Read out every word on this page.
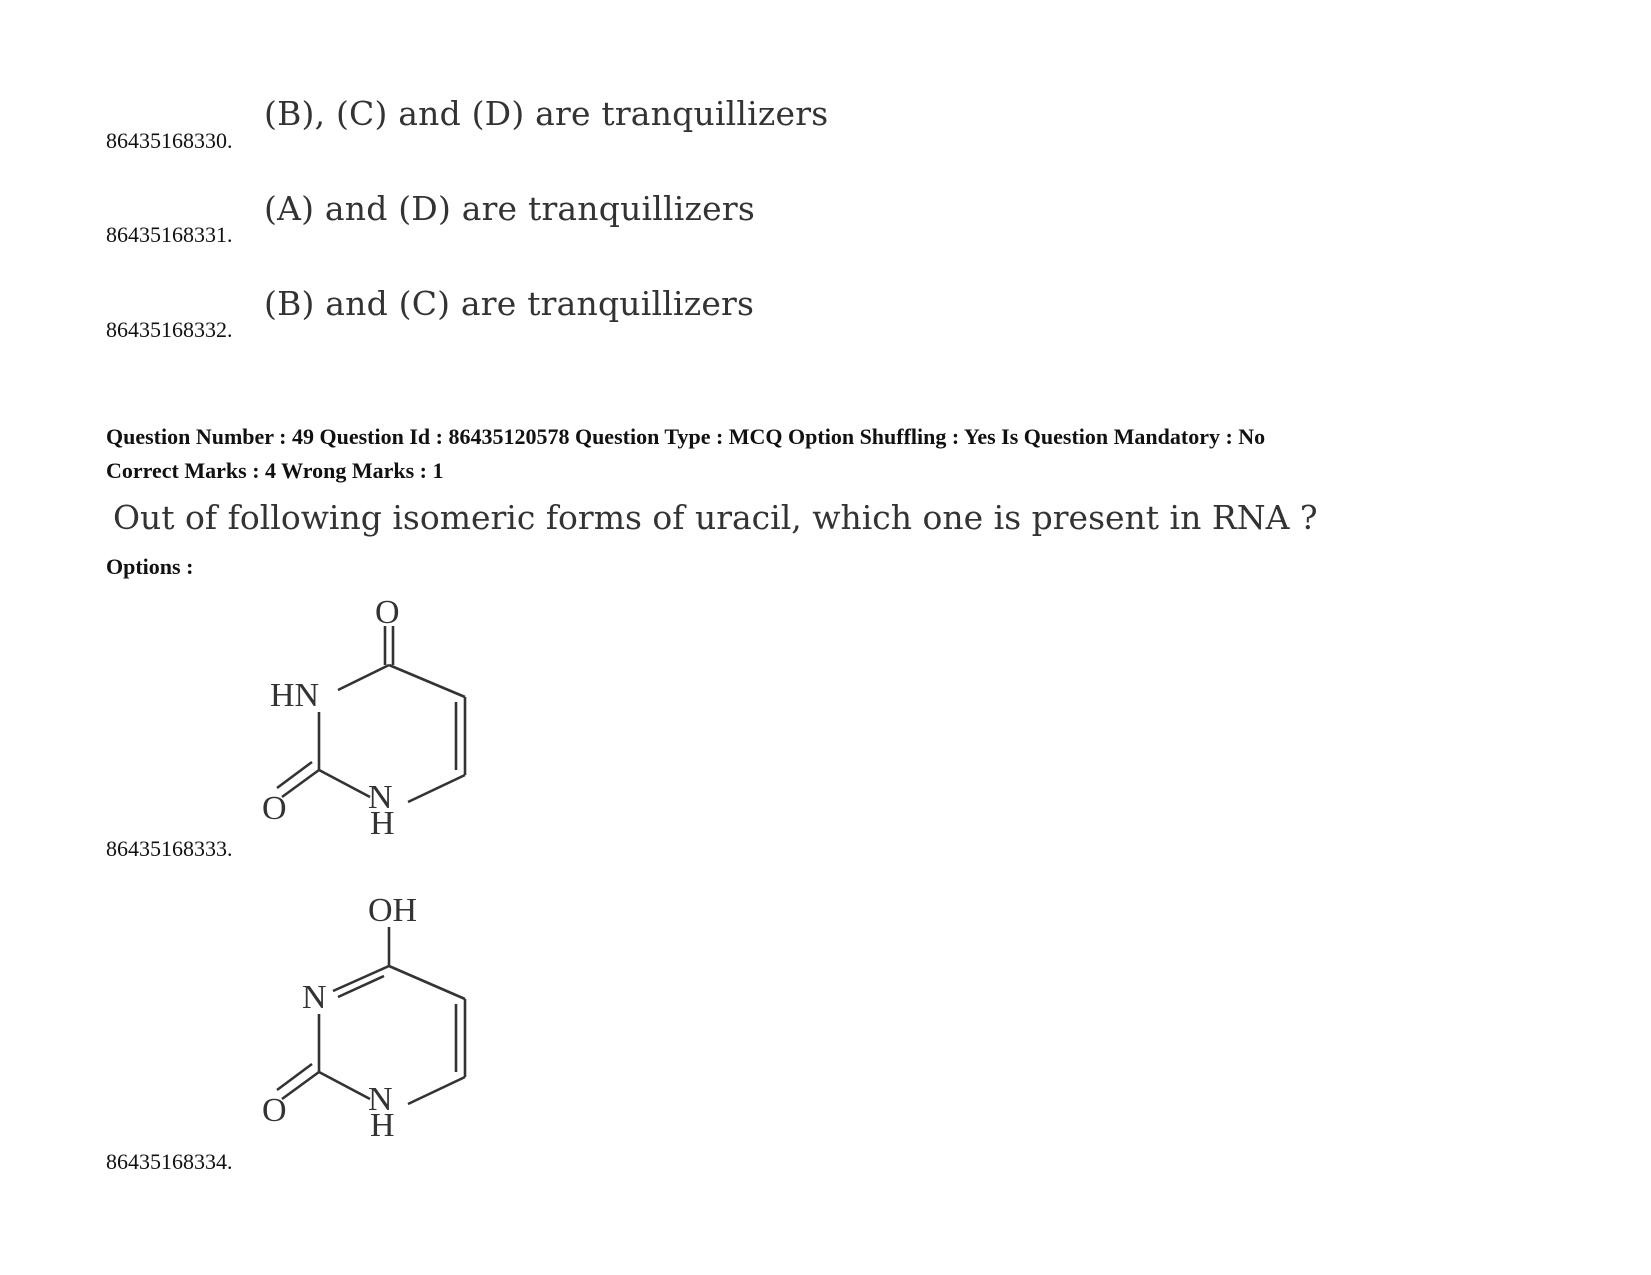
86435168330.
(B), (C) and (D) are tranquillizers
86435168331.
(A) and (D) are tranquillizers
86435168332.
(B) and (C) are tranquillizers
Question Number : 49 Question Id : 86435120578 Question Type : MCQ Option Shuffling : Yes Is Question Mandatory : No
Correct Marks : 4 Wrong Marks : 1
Out of following isomeric forms of uracil, which one is present in RNA ?
Options :
86435168333.
O
HN
O N
H
86435168334.
OH
N
O N
H
